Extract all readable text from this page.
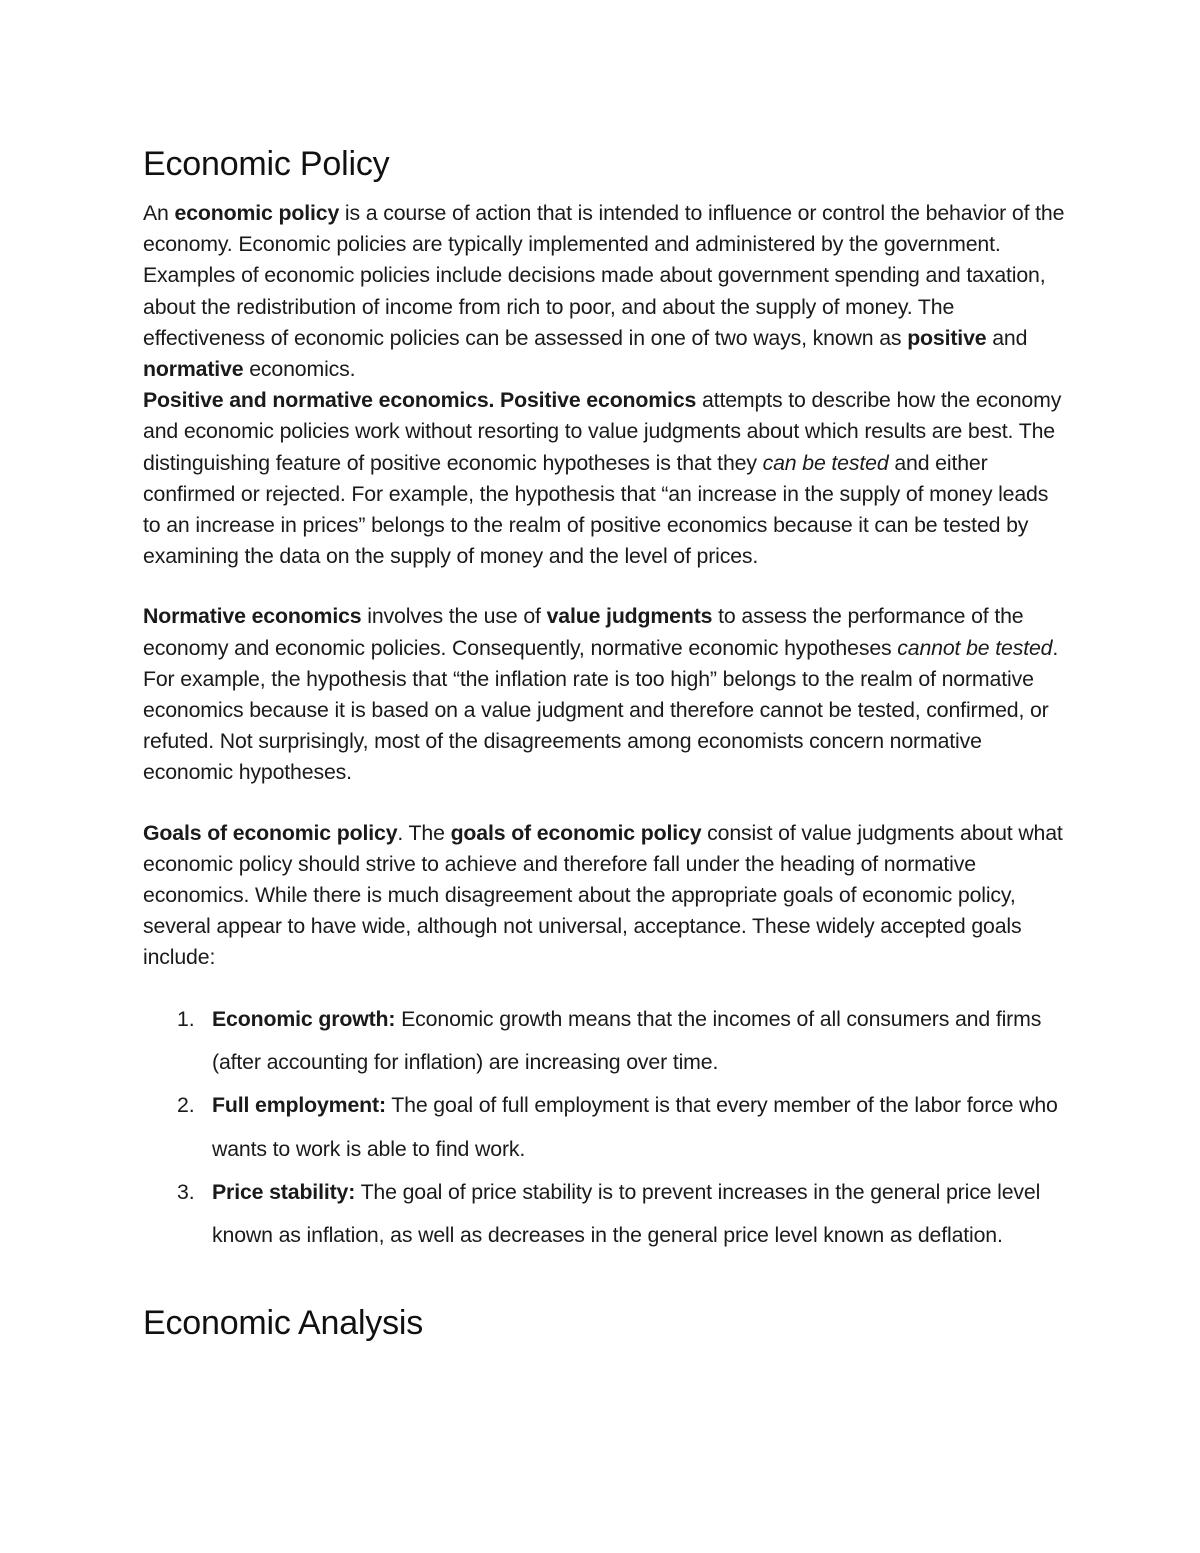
Economic Policy

An economic policy is a course of action that is intended to influence or control the behavior of the economy. Economic policies are typically implemented and administered by the government. Examples of economic policies include decisions made about government spending and taxation, about the redistribution of income from rich to poor, and about the supply of money. The effectiveness of economic policies can be assessed in one of two ways, known as positive and normative economics.

Positive and normative economics. Positive economics attempts to describe how the economy and economic policies work without resorting to value judgments about which results are best. The distinguishing feature of positive economic hypotheses is that they can be tested and either confirmed or rejected. For example, the hypothesis that “an increase in the supply of money leads to an increase in prices” belongs to the realm of positive economics because it can be tested by examining the data on the supply of money and the level of prices.

Normative economics involves the use of value judgments to assess the performance of the economy and economic policies. Consequently, normative economic hypotheses cannot be tested. For example, the hypothesis that “the inflation rate is too high” belongs to the realm of normative economics because it is based on a value judgment and therefore cannot be tested, confirmed, or refuted. Not surprisingly, most of the disagreements among economists concern normative economic hypotheses.

Goals of economic policy. The goals of economic policy consist of value judgments about what economic policy should strive to achieve and therefore fall under the heading of normative economics. While there is much disagreement about the appropriate goals of economic policy, several appear to have wide, although not universal, acceptance. These widely accepted goals include:

1. Economic growth: Economic growth means that the incomes of all consumers and firms (after accounting for inflation) are increasing over time.
2. Full employment: The goal of full employment is that every member of the labor force who wants to work is able to find work.
3. Price stability: The goal of price stability is to prevent increases in the general price level known as inflation, as well as decreases in the general price level known as deflation.
Economic Analysis
